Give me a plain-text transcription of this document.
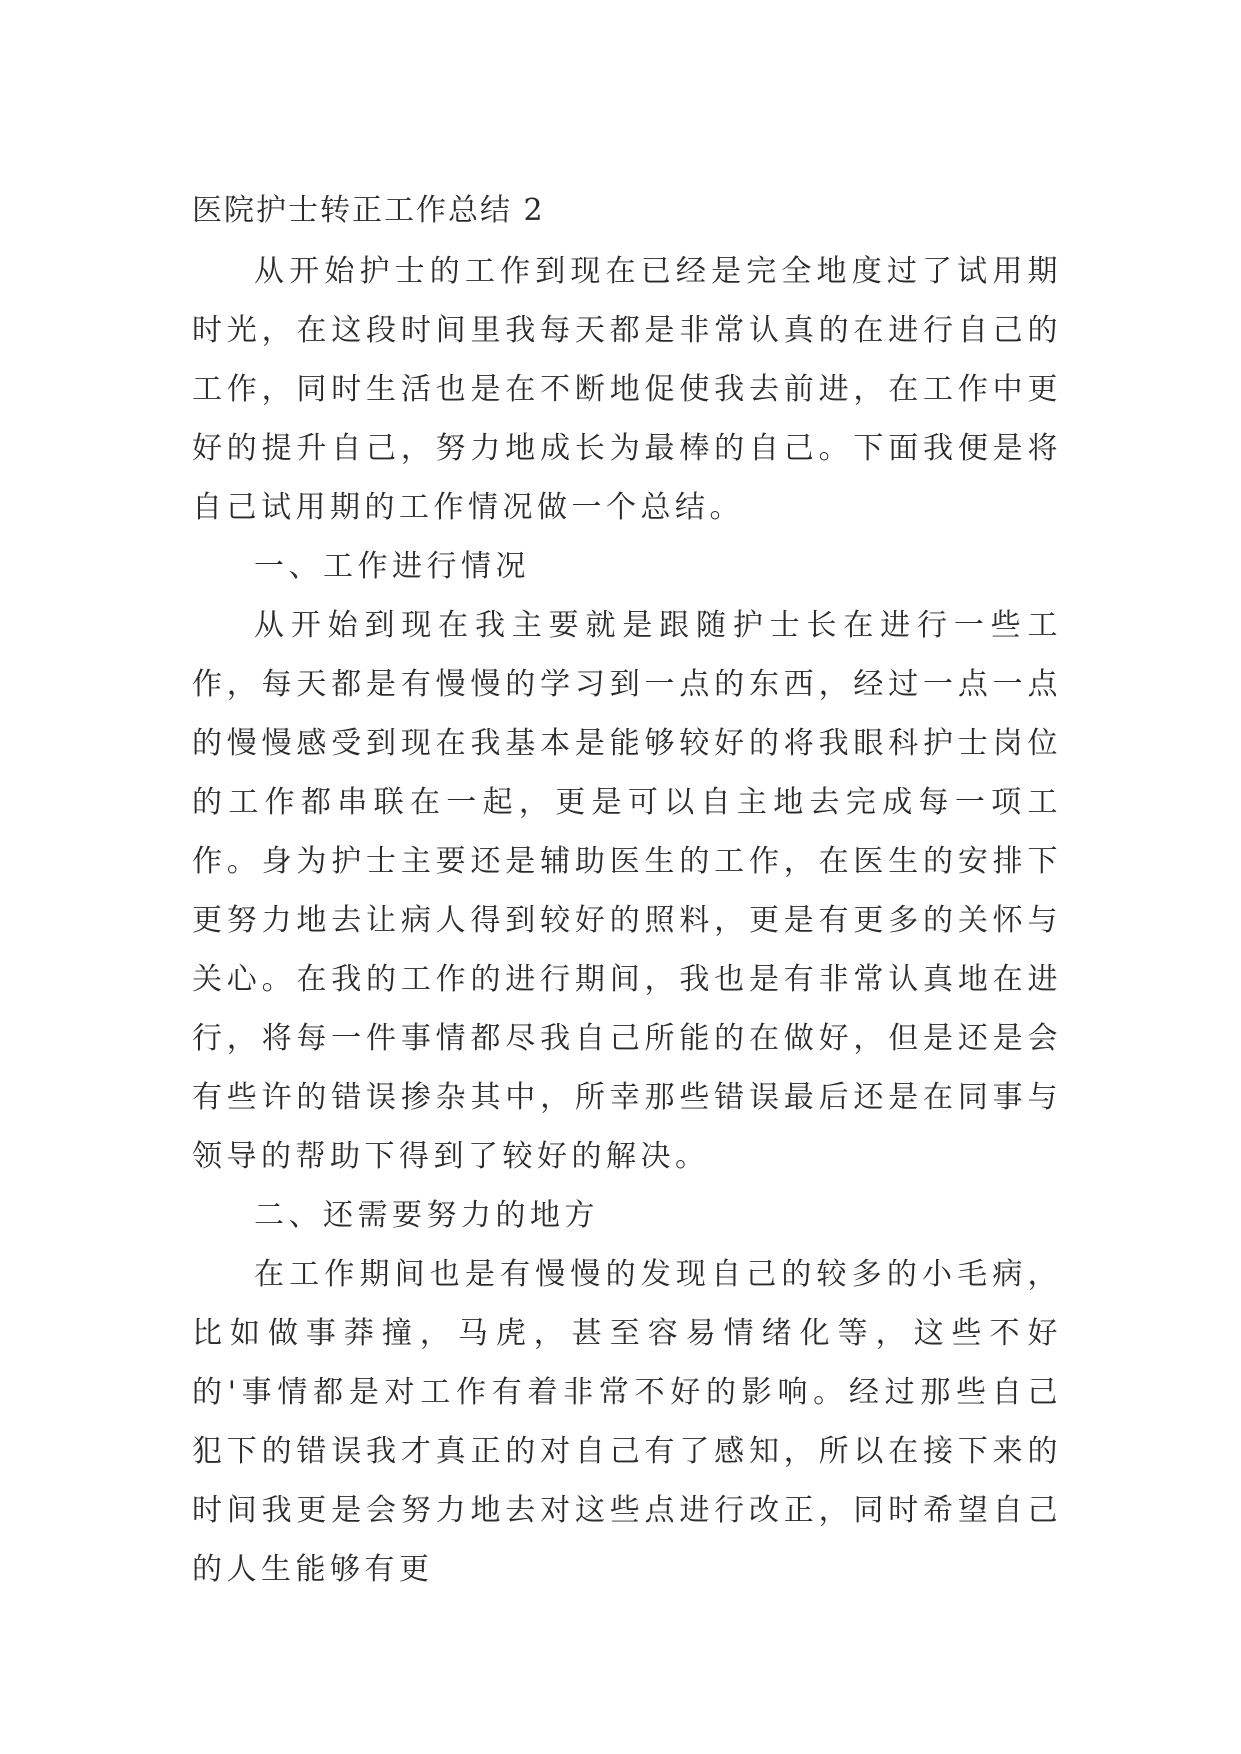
医院护士转正工作总结 2

从开始护士的工作到现在已经是完全地度过了试用期时光，在这段时间里我每天都是非常认真的在进行自己的工作，同时生活也是在不断地促使我去前进，在工作中更好的提升自己，努力地成长为最棒的自己。下面我便是将自己试用期的工作情况做一个总结。

一、工作进行情况

从开始到现在我主要就是跟随护士长在进行一些工作，每天都是有慢慢的学习到一点的东西，经过一点一点的慢慢感受到现在我基本是能够较好的将我眼科护士岗位的工作都串联在一起，更是可以自主地去完成每一项工作。身为护士主要还是辅助医生的工作，在医生的安排下更努力地去让病人得到较好的照料，更是有更多的关怀与关心。在我的工作的进行期间，我也是有非常认真地在进行，将每一件事情都尽我自己所能的在做好，但是还是会有些许的错误掺杂其中，所幸那些错误最后还是在同事与领导的帮助下得到了较好的解决。

二、还需要努力的地方

在工作期间也是有慢慢的发现自己的较多的小毛病，比如做事莽撞，马虎，甚至容易情绪化等，这些不好的'事情都是对工作有着非常不好的影响。经过那些自己犯下的错误我才真正的对自己有了感知，所以在接下来的时间我更是会努力地去对这些点进行改正，同时希望自己的人生能够有更
